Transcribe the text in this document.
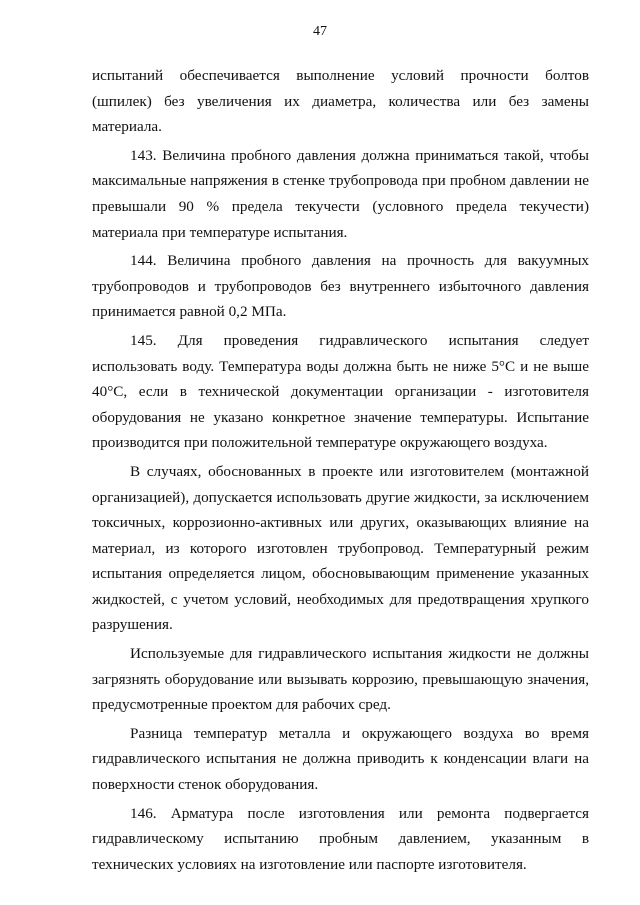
47

испытаний обеспечивается выполнение условий прочности болтов (шпилек) без увеличения их диаметра, количества или без замены материала.

143. Величина пробного давления должна приниматься такой, чтобы максимальные напряжения в стенке трубопровода при пробном давлении не превышали 90 % предела текучести (условного предела текучести) материала при температуре испытания.

144. Величина пробного давления на прочность для вакуумных трубопроводов и трубопроводов без внутреннего избыточного давления принимается равной 0,2 МПа.

145. Для проведения гидравлического испытания следует использовать воду. Температура воды должна быть не ниже 5°С и не выше 40°С, если в технической документации организации - изготовителя оборудования не указано конкретное значение температуры. Испытание производится при положительной температуре окружающего воздуха.

В случаях, обоснованных в проекте или изготовителем (монтажной организацией), допускается использовать другие жидкости, за исключением токсичных, коррозионно-активных или других, оказывающих влияние на материал, из которого изготовлен трубопровод. Температурный режим испытания определяется лицом, обосновывающим применение указанных жидкостей, с учетом условий, необходимых для предотвращения хрупкого разрушения.

Используемые для гидравлического испытания жидкости не должны загрязнять оборудование или вызывать коррозию, превышающую значения, предусмотренные проектом для рабочих сред.

Разница температур металла и окружающего воздуха во время гидравлического испытания не должна приводить к конденсации влаги на поверхности стенок оборудования.

146. Арматура после изготовления или ремонта подвергается гидравлическому испытанию пробным давлением, указанным в технических условиях на изготовление или паспорте изготовителя.
